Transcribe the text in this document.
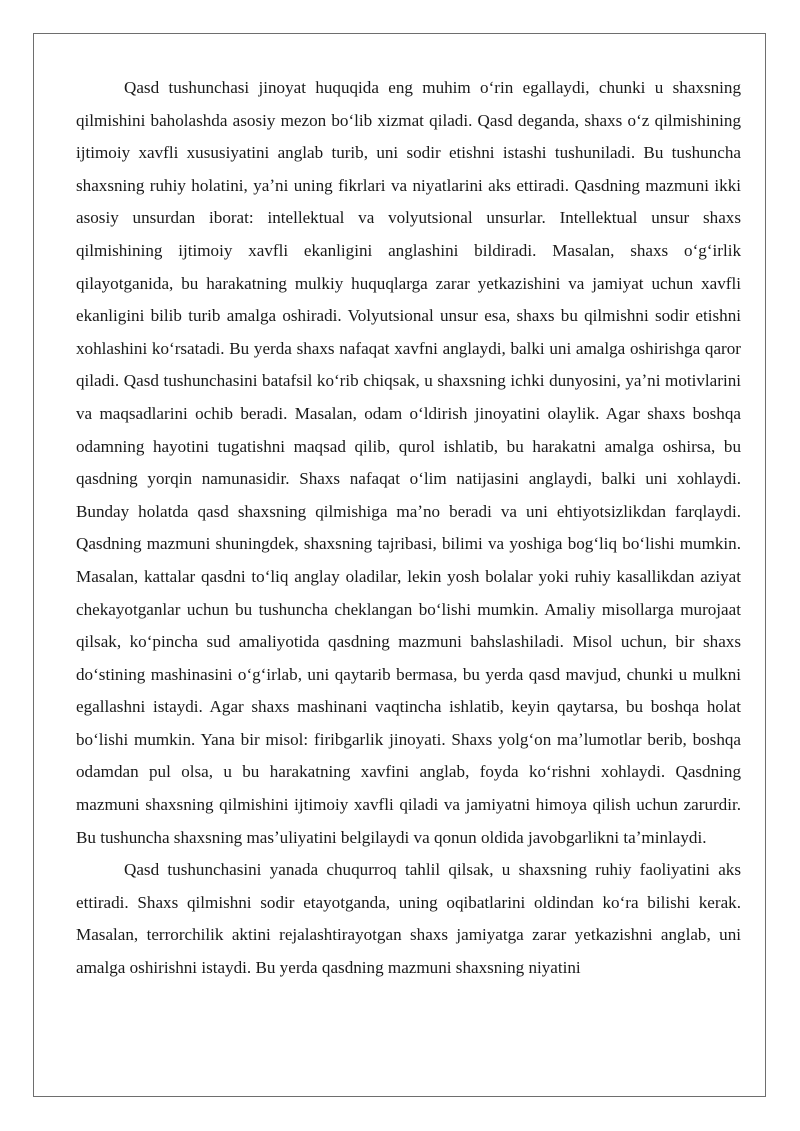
Qasd tushunchasi jinoyat huquqida eng muhim oʻrin egallaydi, chunki u shaxsning qilmishini baholashda asosiy mezon boʻlib xizmat qiladi. Qasd deganda, shaxs oʻz qilmishining ijtimoiy xavfli xususiyatini anglab turib, uni sodir etishni istashi tushuniladi. Bu tushuncha shaxsning ruhiy holatini, yaʼni uning fikrlari va niyatlarini aks ettiradi. Qasdning mazmuni ikki asosiy unsurdan iborat: intellektual va volyutsional unsurlar. Intellektual unsur shaxs qilmishining ijtimoiy xavfli ekanligini anglashini bildiradi. Masalan, shaxs oʻgʻirlik qilayotganida, bu harakatning mulkiy huquqlarga zarar yetkazishini va jamiyat uchun xavfli ekanligini bilib turib amalga oshiradi. Volyutsional unsur esa, shaxs bu qilmishni sodir etishni xohlashini koʻrsatadi. Bu yerda shaxs nafaqat xavfni anglaydi, balki uni amalga oshirishga qaror qiladi. Qasd tushunchasini batafsil koʻrib chiqsak, u shaxsning ichki dunyosini, yaʼni motivlarini va maqsadlarini ochib beradi. Masalan, odam oʻldirish jinoyatini olaylik. Agar shaxs boshqa odamning hayotini tugatishni maqsad qilib, qurol ishlatib, bu harakatni amalga oshirsa, bu qasdning yorqin namunasidir. Shaxs nafaqat oʻlim natijasini anglaydi, balki uni xohlaydi. Bunday holatda qasd shaxsning qilmishiga maʼno beradi va uni ehtiyotsizlikdan farqlaydi. Qasdning mazmuni shuningdek, shaxsning tajribasi, bilimi va yoshiga bogʻliq boʻlishi mumkin. Masalan, kattalar qasdni toʻliq anglay oladilar, lekin yosh bolalar yoki ruhiy kasallikdan aziyat chekayotganlar uchun bu tushuncha cheklangan boʻlishi mumkin. Amaliy misollarga murojaat qilsak, koʻpincha sud amaliyotida qasdning mazmuni bahslashiladi. Misol uchun, bir shaxs doʻstining mashinasini oʻgʻirlab, uni qaytarib bermasa, bu yerda qasd mavjud, chunki u mulkni egallashni istaydi. Agar shaxs mashinani vaqtincha ishlatib, keyin qaytarsa, bu boshqa holat boʻlishi mumkin. Yana bir misol: firibgarlik jinoyati. Shaxs yolgʻon maʼlumotlar berib, boshqa odamdan pul olsa, u bu harakatning xavfini anglab, foyda koʻrishni xohlaydi. Qasdning mazmuni shaxsning qilmishini ijtimoiy xavfli qiladi va jamiyatni himoya qilish uchun zarurdir. Bu tushuncha shaxsning masʼuliyatini belgilaydi va qonun oldida javobgarlikni taʼminlaydi.

Qasd tushunchasini yanada chuqurroq tahlil qilsak, u shaxsning ruhiy faoliyatini aks ettiradi. Shaxs qilmishni sodir etayotganda, uning oqibatlarini oldindan koʻra bilishi kerak. Masalan, terrorchilik aktini rejalashtirayotgan shaxs jamiyatga zarar yetkazishni anglab, uni amalga oshirishni istaydi. Bu yerda qasdning mazmuni shaxsning niyatini
